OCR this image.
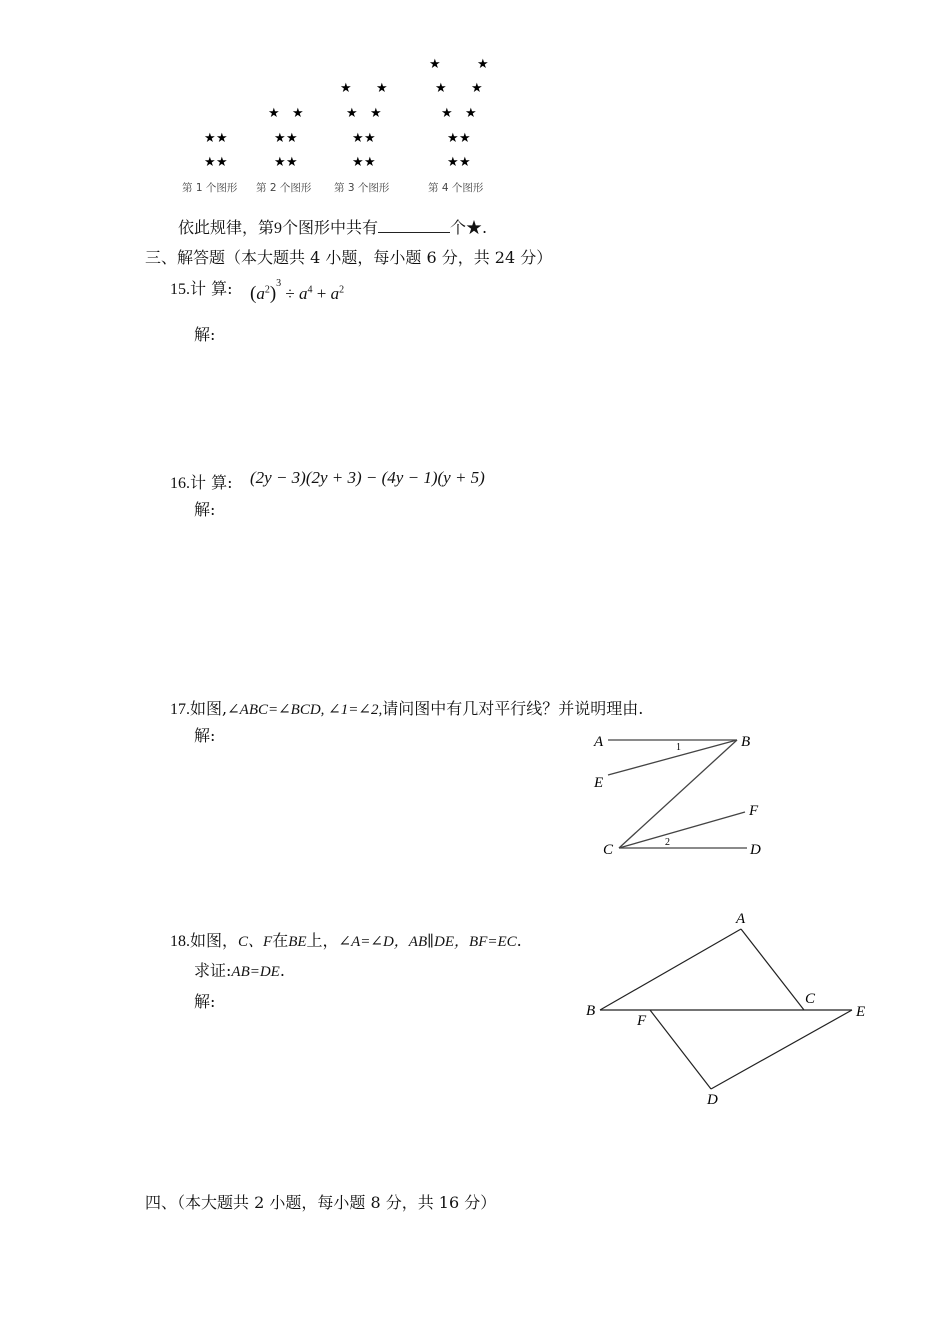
★ ★
★ ★
★ ★
★ ★
★ ★
★ ★
★ ★
★ ★
★ ★
★	★
★ ★
★ ★
★ ★
★ ★
第 1 个图形 第 2 个图形 第 3 个图形	第 4 个图形
依此规律，第9个图形中共有	个★.
三、解答题（本大题共 4 小题，每小题 6 分，共 24 分）
15.计 算: $(a^2)^3 \div a^4 + a^2$
解:
16.计 算: (2y − 3)(2y + 3) − (4y − 1)(y + 5)
解:
17.如图,∠ABC=∠BCD, ∠1=∠2,请问图中有几对平行线？并说明理由.
解:	A	B
E
F
C	D
1
2
18.如图，C、F在BE上，∠A=∠D，AB∥DE，BF=EC.
求证:AB=DE.
解:
A
B
C
E
F
D
四、（本大题共 2 小题，每小题 8 分，共 16 分）
